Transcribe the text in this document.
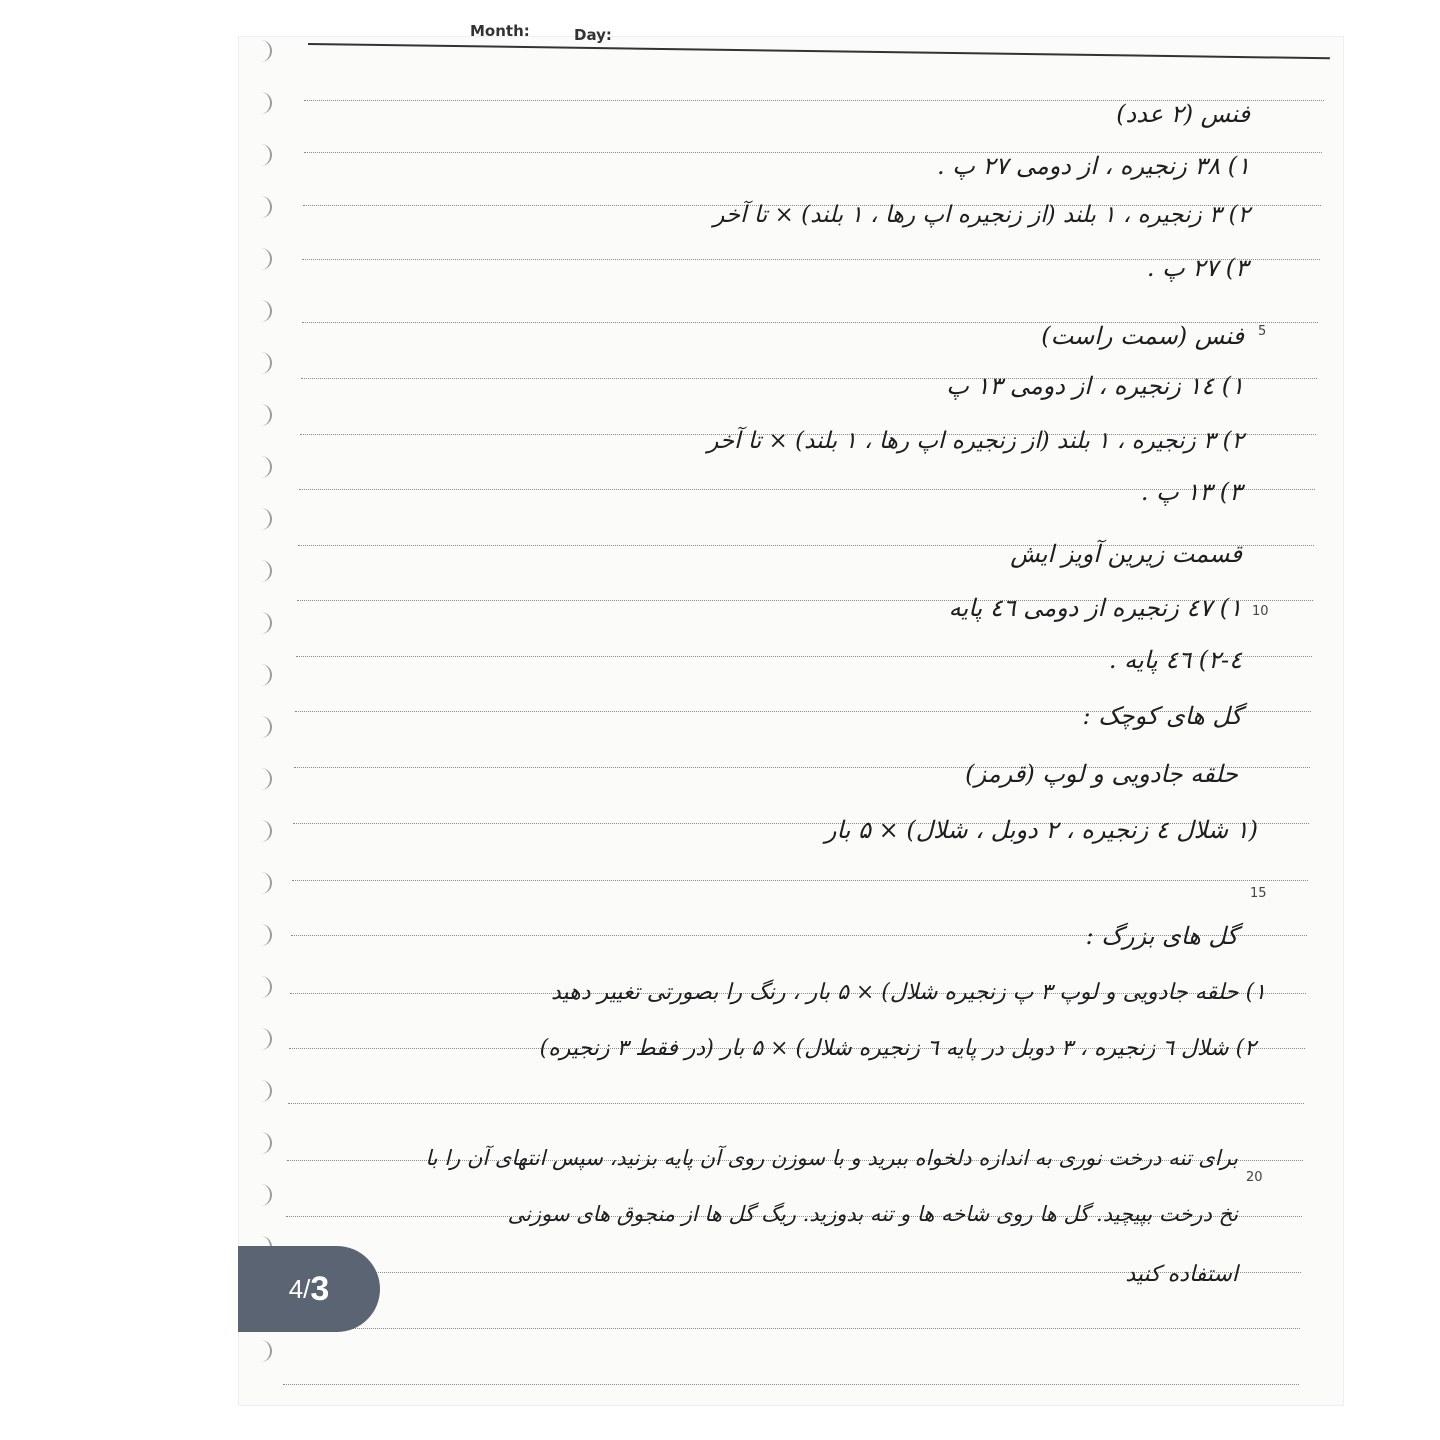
Month:	Day:
5
10
15
20
فنس (۲ عدد)
۱) ۳۸ زنجیره ، از دومی ۲۷ پ .
۲) ۳ زنجیره ، ۱ بلند (از زنجیره اپ رها ، ۱ بلند) × تا آخر
۳) ۲۷ پ .
فنس (سمت راست)
۱) ۱٤ زنجیره ، از دومی ۱۳ پ
۲) ۳ زنجیره ، ۱ بلند (از زنجیره اپ رها ، ۱ بلند) × تا آخر
۳) ۱۳ پ .
قسمت زیرین آویز ایش
۱) ٤۷ زنجیره از دومی ٤٦ پایه
٤-۲) ٤٦ پایه .
گل های کوچک :
حلقه جادویی و لوپ (قرمز)
(۱ شلال ٤ زنجیره ، ۲ دوبل ، شلال) × ۵ بار
گل های بزرگ :
۱) حلقه جادویی و لوپ ۳ پ زنجیره شلال) × ۵ بار ، رنگ را بصورتی تغییر دهید
۲) شلال ٦ زنجیره ، ۳ دوبل در پایه ٦ زنجیره شلال) × ۵ بار (در فقط ۳ زنجیره)
برای تنه درخت نوری به اندازه دلخواه ببرید و با سوزن روی آن پایه بزنید، سپس انتهای آن را با
نخ درخت بپیچید. گل ها روی شاخه ها و تنه بدوزید. ریگ گل ها از منجوق های سوزنی
استفاده کنید
4 / 3
